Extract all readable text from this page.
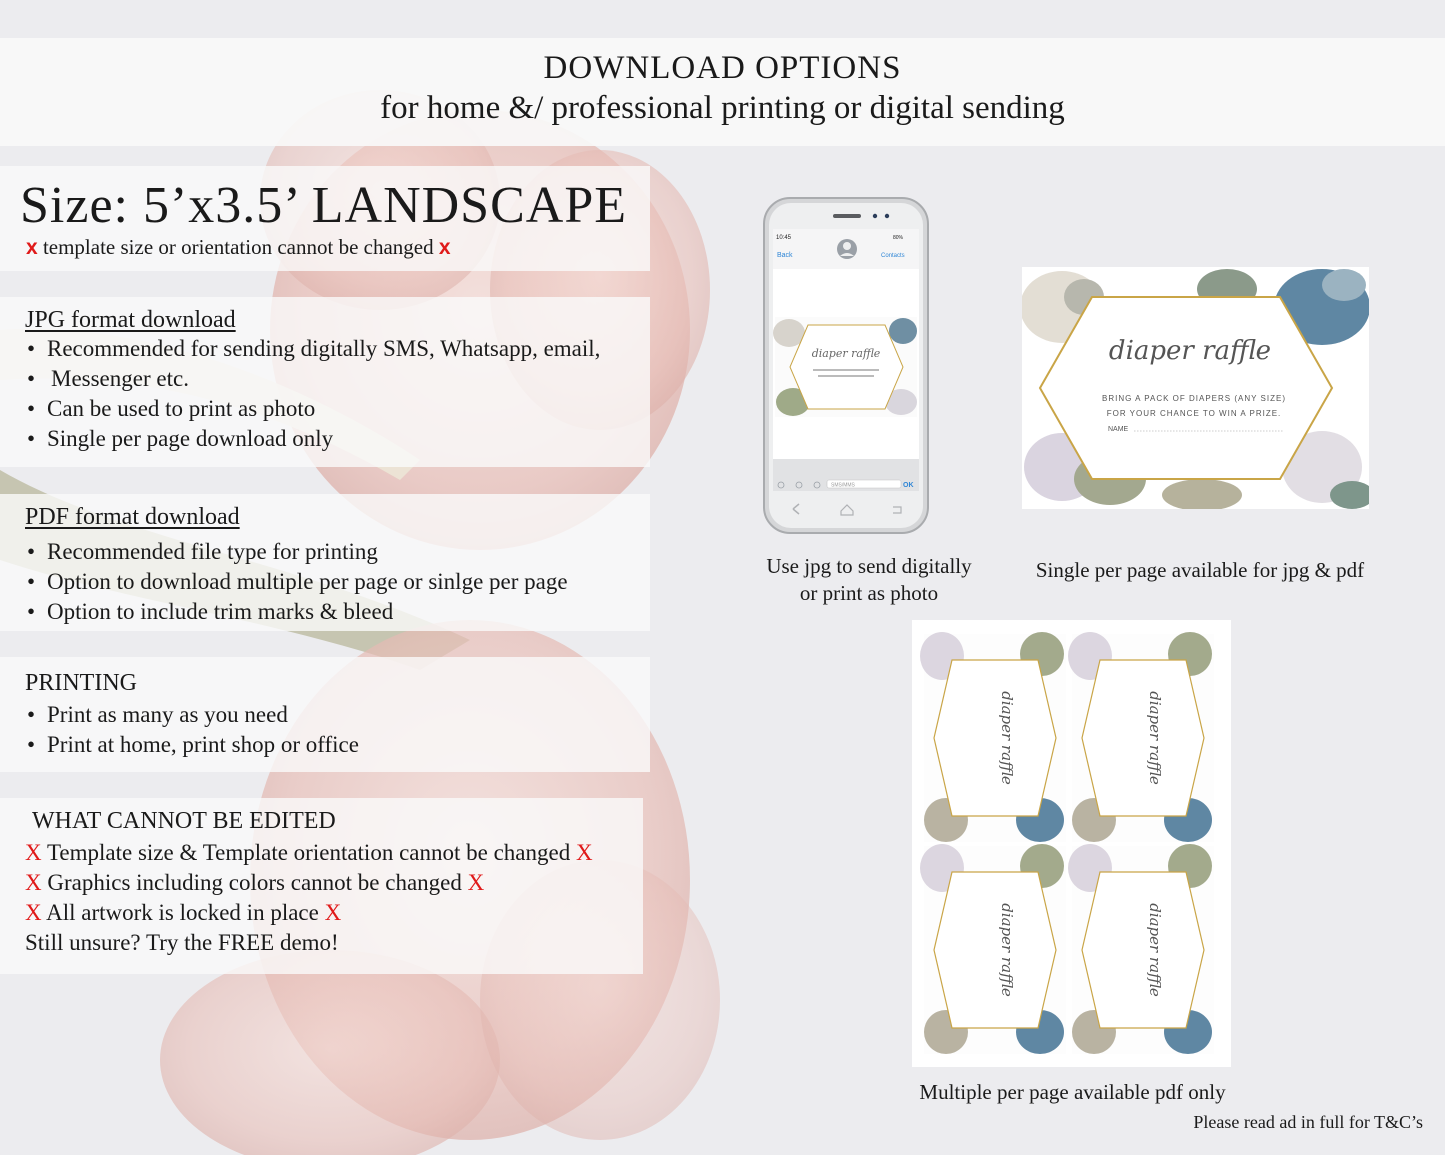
DOWNLOAD OPTIONS
for home &/ professional printing or digital sending
Size: 5’x3.5’ LANDSCAPE
x template size or orientation cannot be changed x
JPG format download
• Recommended for sending digitally SMS, Whatsapp, email,
• Messenger etc.
• Can be used to print as photo
• Single per page download only
PDF format download
• Recommended file type for printing
• Option to download multiple per page or sinlge per page
• Option to include trim marks & bleed
PRINTING
• Print as many as you need
• Print at home, print shop or office
WHAT CANNOT BE EDITED
X Template size & Template orientation cannot be changed X
X Graphics including colors cannot be changed X
X All artwork is locked in place X
Still unsure? Try the FREE demo!
10:45	80%
Back	Contacts
diaper raffle
SMS/MMS	OK
Use jpg to send digitally
or print as photo
diaper raffle
BRING A PACK OF DIAPERS (ANY SIZE)
FOR YOUR CHANCE TO WIN A PRIZE.
NAME
Single per page available for jpg & pdf
diaper raffle	diaper raffle
diaper raffle	diaper raffle
Multiple per page available pdf only
Please read ad in full for T&C’s
